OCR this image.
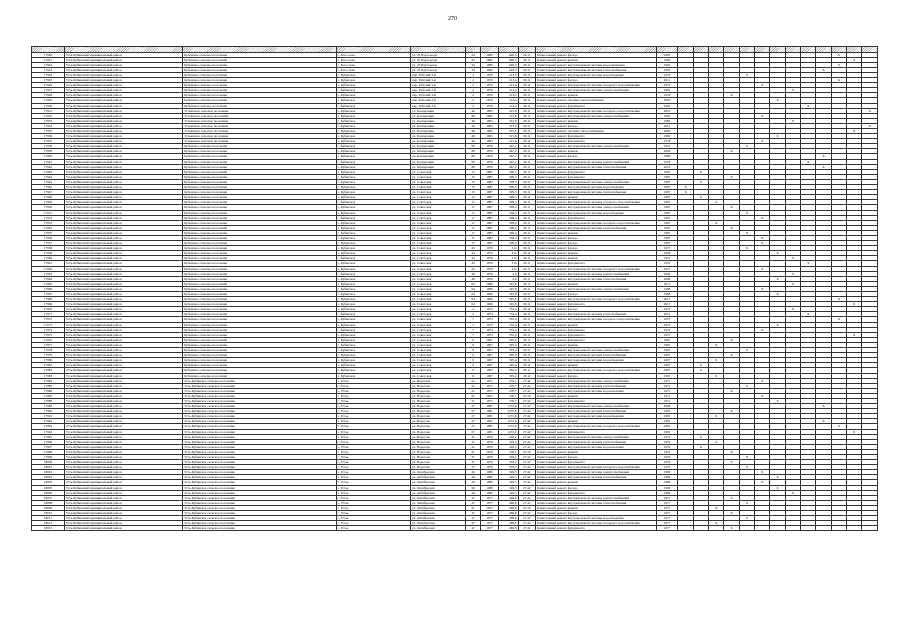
270

17920	Усть-Кубинский муниципальный район	Кубенское сельское поселение	с. Богослово	ул. 25 Партсъезда	34	1980	640,3	29.11	Капитальный ремонт фасада	1985											X		
17921	Усть-Кубинский муниципальный район	Кубенское сельское поселение	с. Богослово	ул. 25 Партсъезда	34	1980	640,3	29.11	Капитальный ремонт крыши	1990												X	
17922	Усть-Кубинский муниципальный район	Кубенское сельское поселение	с. Богослово	ул. 25 Партсъезда	34	1980	640,3	29.11	Капитальный ремонт внутридомовой системы водоснабжения	1993											X		
17923	Усть-Кубинский муниципальный район	Кубенское сельское поселение	с. Богослово	ул. 25 Партсъезда	34	1980	640,3	29.11	Капитальный ремонт внутридомовой системы теплоснабжения	1993										X			
17924	Усть-Кубинский муниципальный район	Кубенское сельское поселение	с. Кубенское	пер. Рабочий 3-й	2	1970	213,4	29.11	Капитальный ремонт внутридомовой системы водоотведения	1979					X								
17925	Усть-Кубинский муниципальный район	Кубенское сельское поселение	с. Кубенское	пер. Рабочий 3-й	2	1970	213,4	29.11	Капитальный ремонт фасада	2011											X		
17926	Усть-Кубинский муниципальный район	Кубенское сельское поселение	с. Кубенское	пер. Рабочий 3-й	2	1970	213,4	29.11	Капитальный ремонт внутридомовой системы холодного водоснабжения	1979						X							
17927	Усть-Кубинский муниципальный район	Кубенское сельское поселение	с. Кубенское	пер. Рабочий 3-й	2	1970	213,4	29.11	Капитальный ремонт внутридомовой системы электроснабжения	1981								X					
17928	Усть-Кубинский муниципальный район	Кубенское сельское поселение	с. Кубенское	пер. Рабочий 3-й	2	1970	213,4	29.11	Капитальный ремонт крыши	1978				X									
17929	Усть-Кубинский муниципальный район	Кубенское сельское поселение	с. Кубенское	пер. Рабочий 3-й	2	1970	213,4	29.11	Капитальный ремонт системы теплоснабжения	2003							X						
17930	Усть-Кубинский муниципальный район	Кубенское сельское поселение	с. Кубенское	пер. Рабочий 3-й	2	1970	213,4	29.11	Капитальный ремонт фундамента	1995									X				
17931	Усть-Кубинский муниципальный район	Устьянское сельское поселение	с. Кубенское	ул. Кооперации	40	1965	315,6	29.11	Капитальный ремонт внутридомовой системы холодного водоснабжения	2010													X
17932	Усть-Кубинский муниципальный район	Устьянское сельское поселение	с. Кубенское	ул. Кооперации	40	1965	315,6	29.11	Капитальный ремонт внутридомовой системы электроснабжения	1985						X							
17933	Усть-Кубинский муниципальный район	Устьянское сельское поселение	с. Кубенское	ул. Кооперации	40	1965	315,6	29.11	Капитальный ремонт крыши	1982								X					
17934	Усть-Кубинский муниципальный район	Устьянское сельское поселение	с. Кубенское	ул. Кооперации	40	1965	315,6	29.11	Капитальный ремонт фасада	2012													X
17935	Усть-Кубинский муниципальный район	Устьянское сельское поселение	с. Кубенское	ул. Кооперации	40	1965	315,6	29.11	Капитальный ремонт системы теплоснабжения	2009												X	
17936	Усть-Кубинский муниципальный район	Устьянское сельское поселение	с. Кубенское	ул. Кооперации	40	1965	315,6	29.11	Капитальный ремонт фундамента	1980							X						
17937	Усть-Кубинский муниципальный район	Устьянское сельское поселение	с. Кубенское	ул. Кооперации	40	1965	315,6	29.11	Капитальный ремонт фундамента	1978						X							
17938	Усть-Кубинский муниципальный район	Кубенское сельское поселение	с. Кубенское	ул. Кооперации	80	1976	467,2	29.11	Капитальный ремонт внутридомовой системы электроснабжения	1972					X								
17939	Усть-Кубинский муниципальный район	Кубенское сельское поселение	с. Кубенское	ул. Кооперации	80	1976	467,2	29.11	Капитальный ремонт крыши	2006				X									
17940	Усть-Кубинский муниципальный район	Кубенское сельское поселение	с. Кубенское	ул. Кооперации	80	1976	467,2	29.11	Капитальный ремонт фасада	1980										X			
17941	Усть-Кубинский муниципальный район	Кубенское сельское поселение	с. Кубенское	ул. Кооперации	80	1976	467,2	29.11	Капитальный ремонт внутридомовой системы электроснабжения	1978									X				
17942	Усть-Кубинский муниципальный район	Кубенское сельское поселение	с. Кубенское	ул. Кооперации	80	1976	467,2	29.11	Капитальный ремонт внутридомовой системы теплоснабжения	2016										X			
17943	Усть-Кубинский муниципальный район	Кубенское сельское поселение	с. Кубенское	ул. Советская	15	1987	309,3	29.11	Капитальный ремонт фундамента	1987		X											
17944	Усть-Кубинский муниципальный район	Кубенское сельское поселение	с. Кубенское	ул. Советская	15	1987	309,3	29.11	Капитальный ремонт фундамента	1987				X									
17945	Усть-Кубинский муниципальный район	Кубенское сельское поселение	с. Кубенское	ул. Советская	15	1987	309,3	29.11	Капитальный ремонт внутридомовой системы электроснабжения	1987		X											
17946	Усть-Кубинский муниципальный район	Кубенское сельское поселение	с. Кубенское	ул. Советская	15	1987	309,3	29.11	Капитальный ремонт внутридомовой системы водоотведения	1987	X												
17947	Усть-Кубинский муниципальный район	Кубенское сельское поселение	с. Кубенское	ул. Советская	15	1987	309,3	29.11	Капитальный ремонт внутридомовой системы теплоснабжения	1987	X												
17948	Усть-Кубинский муниципальный район	Кубенское сельское поселение	с. Кубенское	ул. Советская	15	1987	309,3	29.11	Капитальный ремонт крыши	1987		X											
17949	Усть-Кубинский муниципальный район	Кубенское сельское поселение	с. Кубенское	ул. Советская	15	1987	309,3	29.11	Капитальный ремонт внутридомовой системы холодного водоснабжения	1987			X										
17950	Усть-Кубинский муниципальный район	Кубенское сельское поселение	с. Кубенское	ул. Советская	17	1987	309,4	29.11	Капитальный ремонт внутридомовой системы электроснабжения	1987				X									
17951	Усть-Кубинский муниципальный район	Кубенское сельское поселение	с. Кубенское	ул. Советская	17	1987	309,4	29.11	Капитальный ремонт внутридомовой системы водоотведения	1987					X								
17952	Усть-Кубинский муниципальный район	Кубенское сельское поселение	с. Кубенское	ул. Советская	17	1987	309,4	29.11	Капитальный ремонт фундамента	1987						X							
17953	Усть-Кубинский муниципальный район	Кубенское сельское поселение	с. Кубенское	ул. Советская	17	1987	309,4	29.11	Капитальный ремонт внутридомовой системы холодного водоснабжения	1987			X										
17954	Усть-Кубинский муниципальный район	Кубенское сельское поселение	с. Кубенское	ул. Советская	17	1987	309,4	29.11	Капитальный ремонт внутридомовой системы теплоснабжения	1987				X									
17955	Усть-Кубинский муниципальный район	Кубенское сельское поселение	с. Кубенское	ул. Советская	17	1987	309,4	29.11	Капитальный ремонт крыши	1987					X								
17956	Усть-Кубинский муниципальный район	Кубенское сельское поселение	с. Кубенское	ул. Советская	17	1987	309,4	29.11	Капитальный ремонт фасада	1987						X							
17957	Усть-Кубинский муниципальный район	Кубенское сельское поселение	с. Кубенское	ул. Советская	17	1987	309,4	29.11	Капитальный ремонт фасада	1987						X							
17958	Усть-Кубинский муниципальный район	Кубенское сельское поселение	с. Кубенское	ул. Советская	43	1970	314	29.11	Капитальный ремонт фасада	1975					X								
17959	Усть-Кубинский муниципальный район	Кубенское сельское поселение	с. Кубенское	ул. Советская	43	1970	314	29.11	Капитальный ремонт крыши	2006							X						
17960	Усть-Кубинский муниципальный район	Кубенское сельское поселение	с. Кубенское	ул. Советская	43	1970	314	29.11	Капитальный ремонт крыши	1975								X					
17961	Усть-Кубинский муниципальный район	Кубенское сельское поселение	с. Кубенское	ул. Советская	43	1970	314	29.11	Капитальный ремонт фундамента	1970									X				
17962	Усть-Кубинский муниципальный район	Кубенское сельское поселение	с. Кубенское	ул. Советская	43	1970	314	29.11	Капитальный ремонт внутридомовой системы холодного водоснабжения	1975						X							
17963	Усть-Кубинский муниципальный район	Кубенское сельское поселение	с. Кубенское	ул. Советская	48	1970	2,6	29.11	Капитальный ремонт внутридомовой системы электроснабжения	2006								X					
17964	Усть-Кубинский муниципальный район	Кубенское сельское поселение	с. Кубенское	ул. Советская	48	1970	2,6	29.11	Капитальный ремонт внутридомовой системы теплоснабжения	2006							X						
17965	Усть-Кубинский муниципальный район	Кубенское сельское поселение	с. Кубенское	ул. Советская	64	1966	345,8	29.11	Капитальный ремонт крыши	2011								X					
17966	Усть-Кубинский муниципальный район	Кубенское сельское поселение	с. Кубенское	ул. Советская	64	1966	345,8	29.11	Капитальный ремонт внутридомовой системы электроснабжения	1968						X							
17967	Усть-Кубинский муниципальный район	Кубенское сельское поселение	с. Кубенское	ул. Советская	64	1966	345,8	29.11	Капитальный ремонт фасада	1968							X						
17968	Усть-Кубинский муниципальный район	Кубенское сельское поселение	с. Кубенское	ул. Советская	64	1966	345,8	29.11	Капитальный ремонт внутридомовой системы холодного водоснабжения	2017											X		
17969	Усть-Кубинский муниципальный район	Кубенское сельское поселение	с. Кубенское	ул. Советская	64	1966	345,8	29.11	Капитальный ремонт фундамента	2017												X	
17970	Усть-Кубинский муниципальный район	Кубенское сельское поселение	с. Кубенское	ул. Советская	2	1973	733,4	29.11	Капитальный ремонт фасада	1973								X					
17971	Усть-Кубинский муниципальный район	Кубенское сельское поселение	с. Кубенское	ул. Советская	2	1973	733,4	29.11	Капитальный ремонт внутридомовой системы теплоснабжения	2012									X				
17972	Усть-Кубинский муниципальный район	Кубенское сельское поселение	с. Кубенское	ул. Советская	7	1973	355,4	29.11	Капитальный ремонт внутридомовой системы холодного водоснабжения	1973											X		
17973	Усть-Кубинский муниципальный район	Кубенское сельское поселение	с. Кубенское	ул. Советская	7	1973	355,4	29.11	Капитальный ремонт крыши	1973							X						
17974	Усть-Кубинский муниципальный район	Кубенское сельское поселение	с. Кубенское	ул. Советская	7	1973	355,4	29.11	Капитальный ремонт фундамента	1973						X							
17975	Усть-Кубинский муниципальный район	Кубенское сельское поселение	с. Кубенское	ул. Советская	7	1973	355,4	29.11	Капитальный ремонт фундамента	1973												X	
17976	Усть-Кубинский муниципальный район	Кубенское сельское поселение	с. Кубенское	ул. Советская	9	1967	395,4	29.11	Капитальный ремонт фундамента	1967				X									
17977	Усть-Кубинский муниципальный район	Кубенское сельское поселение	с. Кубенское	ул. Советская	9	1967	395,4	29.11	Капитальный ремонт крыши	1967			X										
17978	Усть-Кубинский муниципальный район	Кубенское сельское поселение	с. Кубенское	ул. Советская	9	1967	395,4	29.11	Капитальный ремонт внутридомовой системы электроснабжения	1967					X								
17979	Усть-Кубинский муниципальный район	Кубенское сельское поселение	с. Кубенское	ул. Советская	9	1967	395,4	29.11	Капитальный ремонт внутридомовой системы теплоснабжения	1967				X									
17980	Усть-Кубинский муниципальный район	Кубенское сельское поселение	с. Кубенское	ул. Советская	9	1967	395,4	29.11	Капитальный ремонт внутридомовой системы водоотведения	1967			X										
17981	Усть-Кубинский муниципальный район	Кубенское сельское поселение	с. Кубенское	ул. Советская	9	1967	395,4	29.11	Капитальный ремонт крыши	1967		X											
17982	Усть-Кубинский муниципальный район	Кубенское сельское поселение	с. Кубенское	ул. Советская	9	1967	395,4	29.11	Капитальный ремонт внутридомовой системы холодного водоснабжения	1967		X											
17983	Усть-Кубинский муниципальный район	Кубенское сельское поселение	с. Кубенское	ул. Советская	9	1967	395,4	29.11	Капитальный ремонт фасада	1967			X										
17984	Усть-Кубинский муниципальный район	Усть-Кубинское сельское поселение	с. Устье	ул. Ворогова	21	1971	276,7	27.42	Капитальный ремонт внутридомовой системы электроснабжения	1971						X							
17985	Усть-Кубинский муниципальный район	Усть-Кубинское сельское поселение	с. Устье	ул. Ворогова	21	1971	276,7	27.42	Капитальный ремонт внутридомовой системы теплоснабжения	1971					X								
17986	Усть-Кубинский муниципальный район	Усть-Кубинское сельское поселение	с. Устье	ул. Ворогова	21	1971	276,7	27.42	Капитальный ремонт внутридомовой системы водоотведения	1971				X									
17987	Усть-Кубинский муниципальный район	Усть-Кубинское сельское поселение	с. Устье	ул. Ворогова	21	1971	276,7	27.42	Капитальный ремонт крыши	1971						X							
17988	Усть-Кубинский муниципальный район	Усть-Кубинское сельское поселение	с. Устье	ул. Ворогова	21	1971	276,7	27.42	Капитальный ремонт фундамента	1971							X						
17989	Усть-Кубинский муниципальный район	Усть-Кубинское сельское поселение	с. Устье	ул. Ворогова	27	1981	1272,6	27.42	Капитальный ремонт внутридомовой системы электроснабжения	2008										X			
17990	Усть-Кубинский муниципальный район	Усть-Кубинское сельское поселение	с. Устье	ул. Ворогова	27	1981	1272,6	27.42	Капитальный ремонт внутридомовой системы теплоснабжения	1981				X									
17991	Усть-Кубинский муниципальный район	Усть-Кубинское сельское поселение	с. Устье	ул. Ворогова	27	1981	1272,6	27.42	Капитальный ремонт внутридомовой системы водоотведения	1981			X										
17992	Усть-Кубинский муниципальный район	Усть-Кубинское сельское поселение	с. Устье	ул. Ворогова	27	1981	1272,6	27.42	Капитальный ремонт крыши	1981										X			
17993	Усть-Кубинский муниципальный район	Усть-Кубинское сельское поселение	с. Устье	ул. Ворогова	27	1981	1272,6	27.42	Капитальный ремонт внутридомовой системы холодного водоснабжения	1981											X		
17994	Усть-Кубинский муниципальный район	Усть-Кубинское сельское поселение	с. Устье	ул. Ворогова	27	1981	1272,6	27.42	Капитальный ремонт фундамента	1981												X	
17995	Усть-Кубинский муниципальный район	Усть-Кубинское сельское поселение	с. Устье	ул. Ворогова	31	1979	318,2	27.42	Капитальный ремонт внутридомовой системы электроснабжения	1979		X											
17996	Усть-Кубинский муниципальный район	Усть-Кубинское сельское поселение	с. Устье	ул. Ворогова	31	1979	318,2	27.42	Капитальный ремонт внутридомовой системы теплоснабжения	1979			X										
17997	Усть-Кубинский муниципальный район	Усть-Кубинское сельское поселение	с. Устье	ул. Ворогова	31	1979	318,2	27.42	Капитальный ремонт внутридомовой системы водоотведения	1979		X											
17998	Усть-Кубинский муниципальный район	Усть-Кубинское сельское поселение	с. Устье	ул. Ворогова	31	1979	318,2	27.42	Капитальный ремонт крыши	1979				X									
17999	Усть-Кубинский муниципальный район	Усть-Кубинское сельское поселение	с. Устье	ул. Ворогова	31	1979	318,2	27.42	Капитальный ремонт фасада	1979					X								
18000	Усть-Кубинский муниципальный район	Усть-Кубинское сельское поселение	с. Устье	ул. Ворогова	31	1979	318,2	27.42	Капитальный ремонт фундамента	1979				X									
18001	Усть-Кубинский муниципальный район	Усть-Кубинское сельское поселение	с. Устье	ул. Ворогова	31	1979	318,2	27.42	Капитальный ремонт внутридомовой системы холодного водоснабжения	1979					X								
18002	Усть-Кубинский муниципальный район	Усть-Кубинское сельское поселение	с. Устье	ул. Октябрьская	26	1986	349,5	27.42	Капитальный ремонт внутридомовой системы электроснабжения	1986						X							
18003	Усть-Кубинский муниципальный район	Усть-Кубинское сельское поселение	с. Устье	ул. Октябрьская	26	1986	349,5	27.42	Капитальный ремонт внутридомовой системы теплоснабжения	1986							X						
18004	Усть-Кубинский муниципальный район	Усть-Кубинское сельское поселение	с. Устье	ул. Октябрьская	26	1986	349,5	27.42	Капитальный ремонт крыши	1986						X							
18005	Усть-Кубинский муниципальный район	Усть-Кубинское сельское поселение	с. Устье	ул. Октябрьская	26	1986	349,5	27.42	Капитальный ремонт фасада	1986							X						
18006	Усть-Кубинский муниципальный район	Усть-Кубинское сельское поселение	с. Устье	ул. Октябрьская	26	1986	349,5	27.42	Капитальный ремонт фундамента	1986								X					
18007	Усть-Кубинский муниципальный район	Усть-Кубинское сельское поселение	с. Устье	ул. Октябрьская	47	1977	469,8	27.42	Капитальный ремонт внутридомовой системы электроснабжения	1977				X									
18008	Усть-Кубинский муниципальный район	Усть-Кубинское сельское поселение	с. Устье	ул. Октябрьская	47	1977	469,8	27.42	Капитальный ремонт внутридомовой системы теплоснабжения	1977					X								
18009	Усть-Кубинский муниципальный район	Усть-Кубинское сельское поселение	с. Устье	ул. Октябрьская	47	1977	469,8	27.42	Капитальный ремонт крыши	1977			X										
18010	Усть-Кубинский муниципальный район	Усть-Кубинское сельское поселение	с. Устье	ул. Октябрьская	47	1977	469,8	27.42	Капитальный ремонт фасада	1977				X									
18011	Усть-Кубинский муниципальный район	Усть-Кубинское сельское поселение	с. Устье	ул. Октябрьская	47	1977	469,8	27.42	Капитальный ремонт внутридомовой системы водоотведения	1977					X								
18012	Усть-Кубинский муниципальный район	Усть-Кубинское сельское поселение	с. Устье	ул. Октябрьская	47	1977	469,8	27.42	Капитальный ремонт внутридомовой системы холодного водоснабжения	1977			X										
18013	Усть-Кубинский муниципальный район	Усть-Кубинское сельское поселение	с. Устье	ул. Октябрьская	47	1977	469,8	27.42	Капитальный ремонт фундамента	1977				X									
